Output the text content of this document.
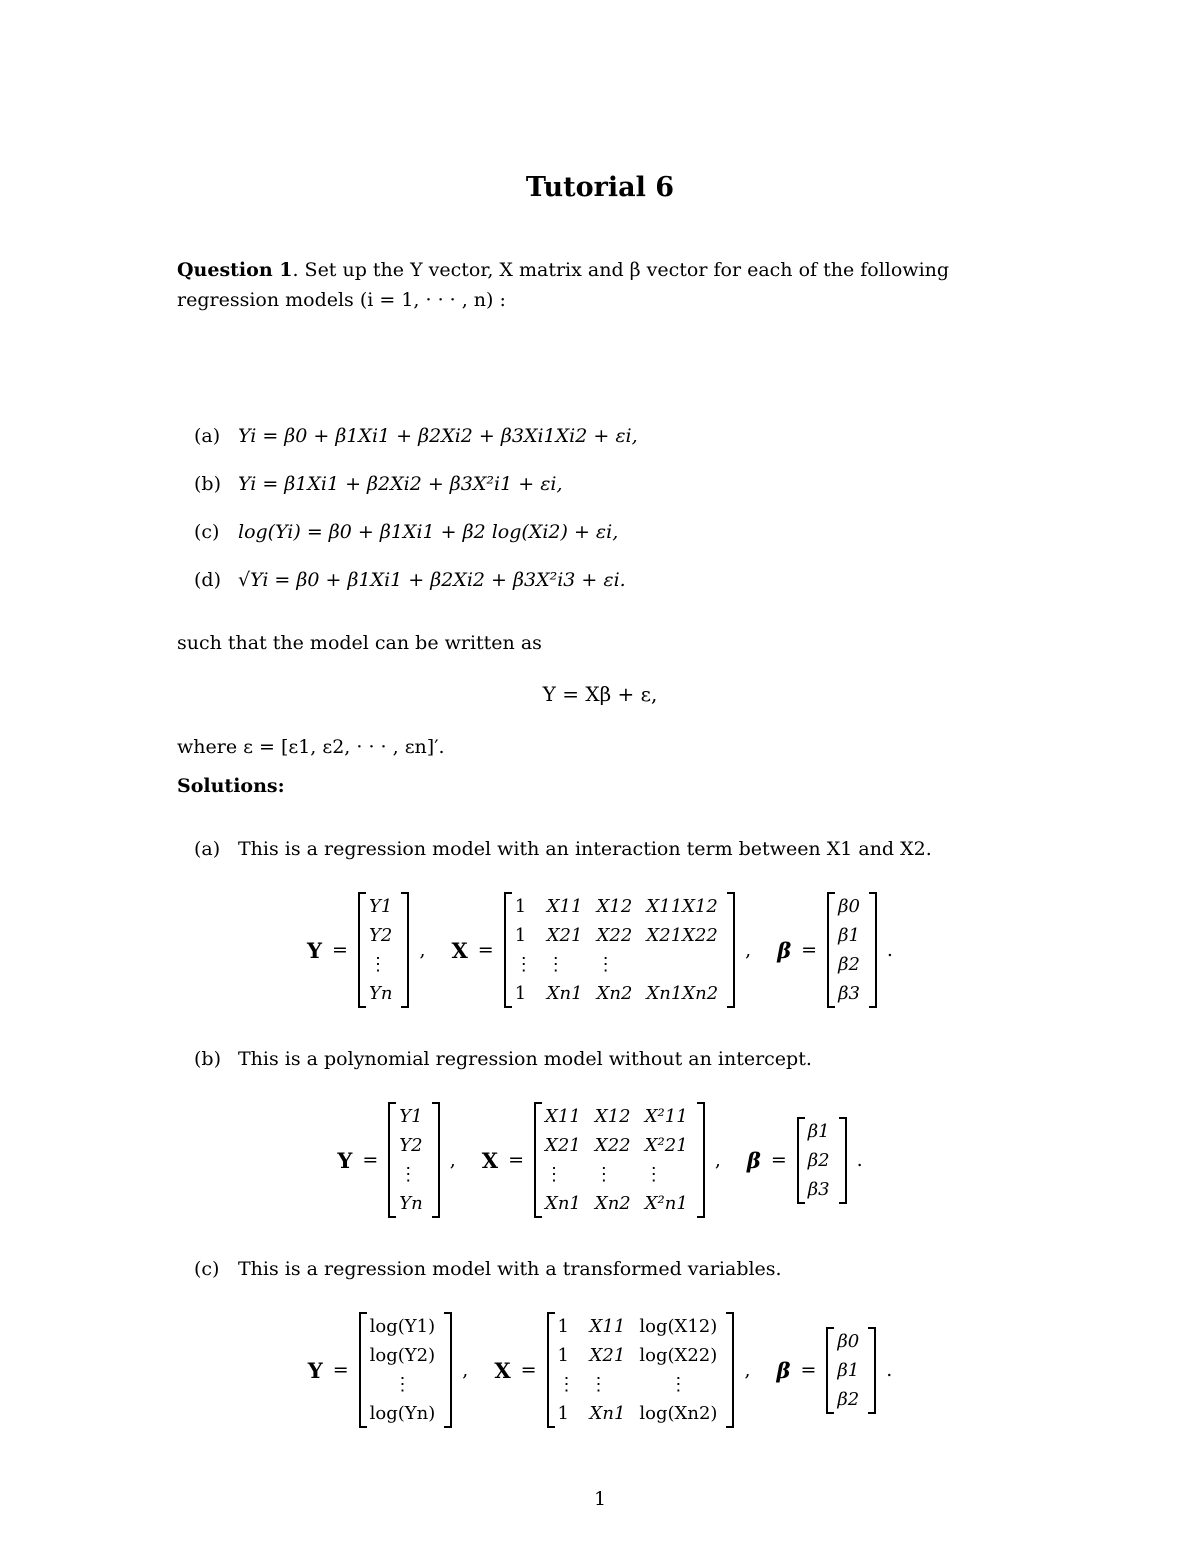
Tutorial 6
Question 1. Set up the Y vector, X matrix and β vector for each of the following
regression models (i = 1, · · · , n) :
(a) Yi = β0 + β1Xi1 + β2Xi2 + β3Xi1Xi2 + εi,
(b) Yi = β1Xi1 + β2Xi2 + β3X²i1 + εi,
(c) log(Yi) = β0 + β1Xi1 + β2 log(Xi2) + εi,
(d) √Yi = β0 + β1Xi1 + β2Xi2 + β3X²i3 + εi.
such that the model can be written as
Y = Xβ + ε,
where ε = [ε1, ε2, · · · , εn]′.
Solutions:
(a) This is a regression model with an interaction term between X1 and X2.
Y =
Y1
Y2
⋮
Yn
, X =
1	X11	X12	X11X12
1	X21	X22	X21X22
⋮	⋮	⋮	
1	Xn1	Xn2	Xn1Xn2
, β =
β0
β1
β2
β3
.
(b) This is a polynomial regression model without an intercept.
Y =
Y1
Y2
⋮
Yn
, X =
X11	X12	X²11
X21	X22	X²21
⋮	⋮	⋮
Xn1	Xn2	X²n1
, β =
β1
β2
β3
.
(c) This is a regression model with a transformed variables.
Y =
log(Y1)
log(Y2)
⋮
log(Yn)
, X =
1	X11	log(X12)
1	X21	log(X22)
⋮	⋮	⋮
1	Xn1	log(Xn2)
, β =
β0
β1
β2
.
1
